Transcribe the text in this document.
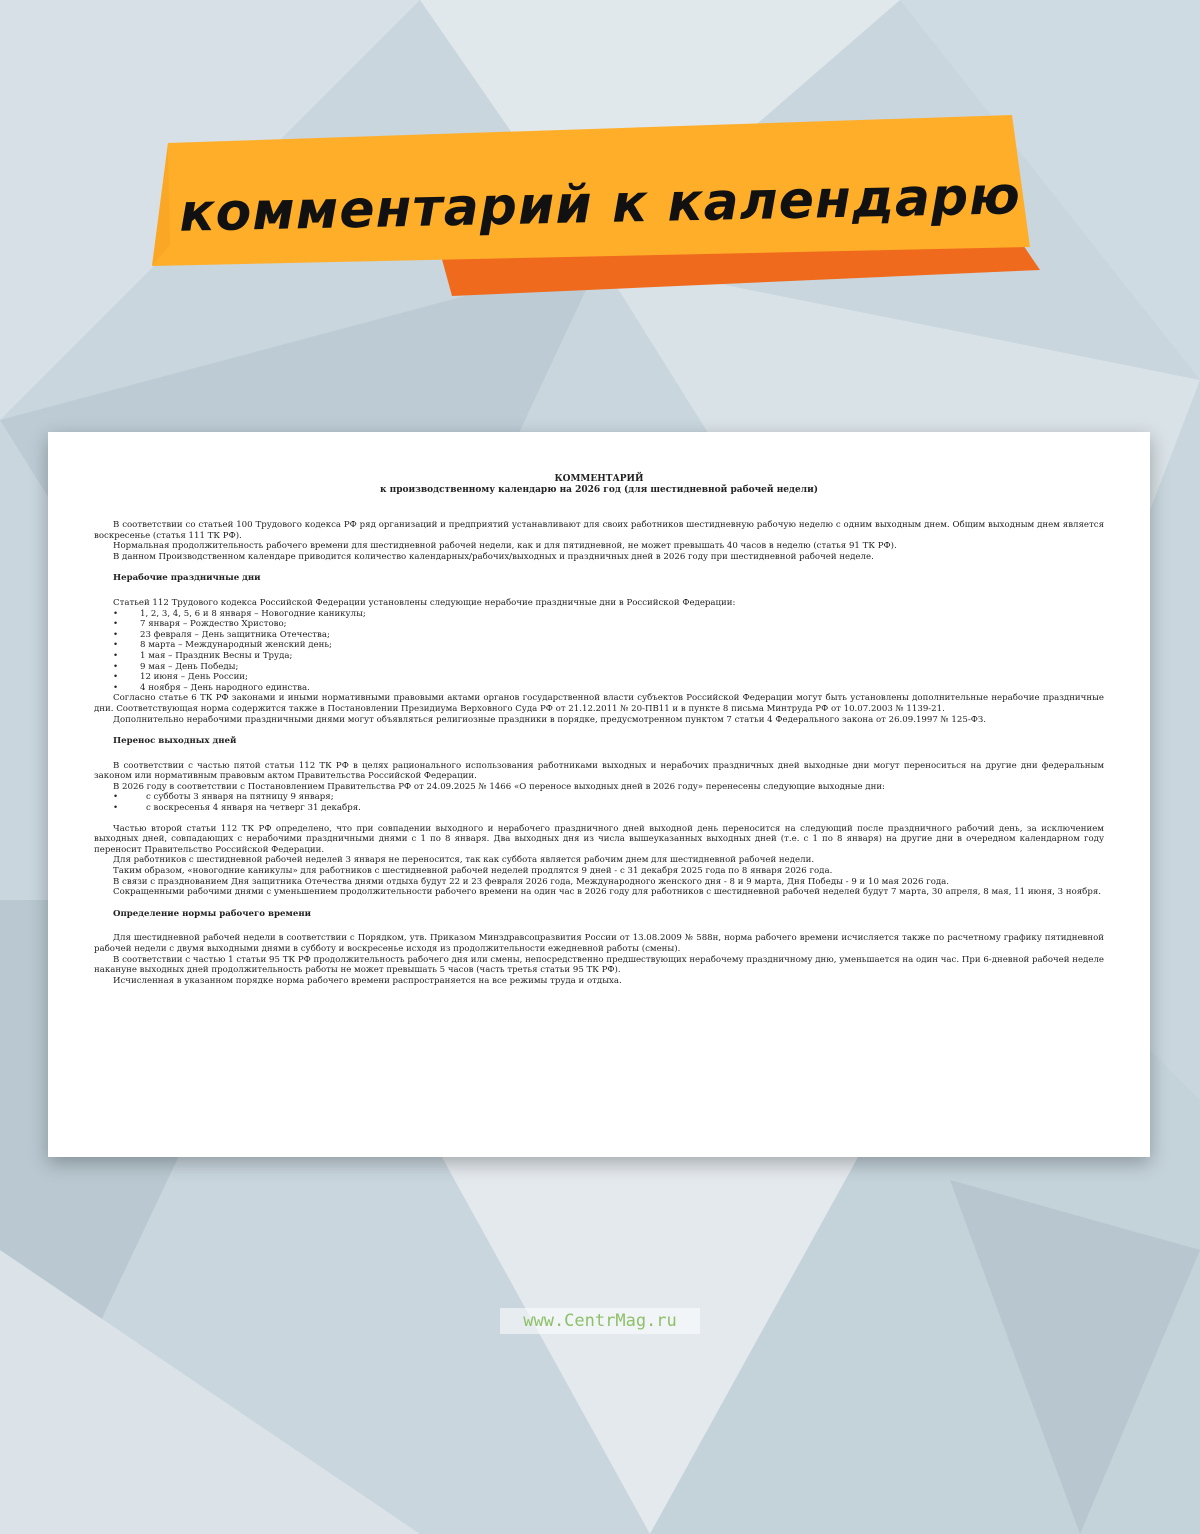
комментарий к календарю
КОММЕНТАРИЙ
к производственному календарю на 2026 год (для шестидневной рабочей недели)

В соответствии со статьей 100 Трудового кодекса РФ ряд организаций и предприятий устанавливают для своих работников шестидневную рабочую неделю с одним выходным днем. Общим выходным днем является воскресенье (статья 111 ТК РФ).

Нормальная продолжительность рабочего времени для шестидневной рабочей недели, как и для пятидневной, не может превышать 40 часов в неделю (статья 91 ТК РФ).

В данном Производственном календаре приводится количество календарных/рабочих/выходных и праздничных дней в 2026 году при шестидневной рабочей неделе.

Нерабочие праздничные дни

Статьей 112 Трудового кодекса Российской Федерации установлены следующие нерабочие праздничные дни в Российской Федерации:

• 1, 2, 3, 4, 5, 6 и 8 января – Новогодние каникулы;
• 7 января – Рождество Христово;
• 23 февраля – День защитника Отечества;
• 8 марта – Международный женский день;
• 1 мая – Праздник Весны и Труда;
• 9 мая – День Победы;
• 12 июня – День России;
• 4 ноября – День народного единства.

Согласно статье 6 ТК РФ законами и иными нормативными правовыми актами органов государственной власти субъектов Российской Федерации могут быть установлены дополнительные нерабочие праздничные дни. Соответствующая норма содержится также в Постановлении Президиума Верховного Суда РФ от 21.12.2011 № 20-ПВ11 и в пункте 8 письма Минтруда РФ от 10.07.2003 № 1139-21.

Дополнительно нерабочими праздничными днями могут объявляться религиозные праздники в порядке, предусмотренном пунктом 7 статьи 4 Федерального закона от 26.09.1997 № 125-ФЗ.

Перенос выходных дней

В соответствии с частью пятой статьи 112 ТК РФ в целях рационального использования работниками выходных и нерабочих праздничных дней выходные дни могут переноситься на другие дни федеральным законом или нормативным правовым актом Правительства Российской Федерации.

В 2026 году в соответствии с Постановлением Правительства РФ от 24.09.2025 № 1466 «О переносе выходных дней в 2026 году» перенесены следующие выходные дни:

• с субботы 3 января на пятницу 9 января;
• с воскресенья 4 января на четверг 31 декабря.

Частью второй статьи 112 ТК РФ определено, что при совпадении выходного и нерабочего праздничного дней выходной день переносится на следующий после праздничного рабочий день, за исключением выходных дней, совпадающих с нерабочими праздничными днями с 1 по 8 января. Два выходных дня из числа вышеуказанных выходных дней (т.е. с 1 по 8 января) на другие дни в очередном календарном году переносит Правительство Российской Федерации.

Для работников с шестидневной рабочей неделей 3 января не переносится, так как суббота является рабочим днем для шестидневной рабочей недели.

Таким образом, «новогодние каникулы» для работников с шестидневной рабочей неделей продлятся 9 дней - с 31 декабря 2025 года по 8 января 2026 года.

В связи с празднованием Дня защитника Отечества днями отдыха будут 22 и 23 февраля 2026 года, Международного женского дня - 8 и 9 марта, Дня Победы - 9 и 10 мая 2026 года.

Сокращенными рабочими днями с уменьшением продолжительности рабочего времени на один час в 2026 году для работников с шестидневной рабочей неделей будут 7 марта, 30 апреля, 8 мая, 11 июня, 3 ноября.

Определение нормы рабочего времени

Для шестидневной рабочей недели в соответствии с Порядком, утв. Приказом Минздравсоцразвития России от 13.08.2009 № 588н, норма рабочего времени исчисляется также по расчетному графику пятидневной рабочей недели с двумя выходными днями в субботу и воскресенье исходя из продолжительности ежедневной работы (смены).

В соответствии с частью 1 статьи 95 ТК РФ продолжительность рабочего дня или смены, непосредственно предшествующих нерабочему праздничному дню, уменьшается на один час. При 6-дневной рабочей неделе накануне выходных дней продолжительность работы не может превышать 5 часов (часть третья статьи 95 ТК РФ).

Исчисленная в указанном порядке норма рабочего времени распространяется на все режимы труда и отдыха.

www.CentrMag.ru
